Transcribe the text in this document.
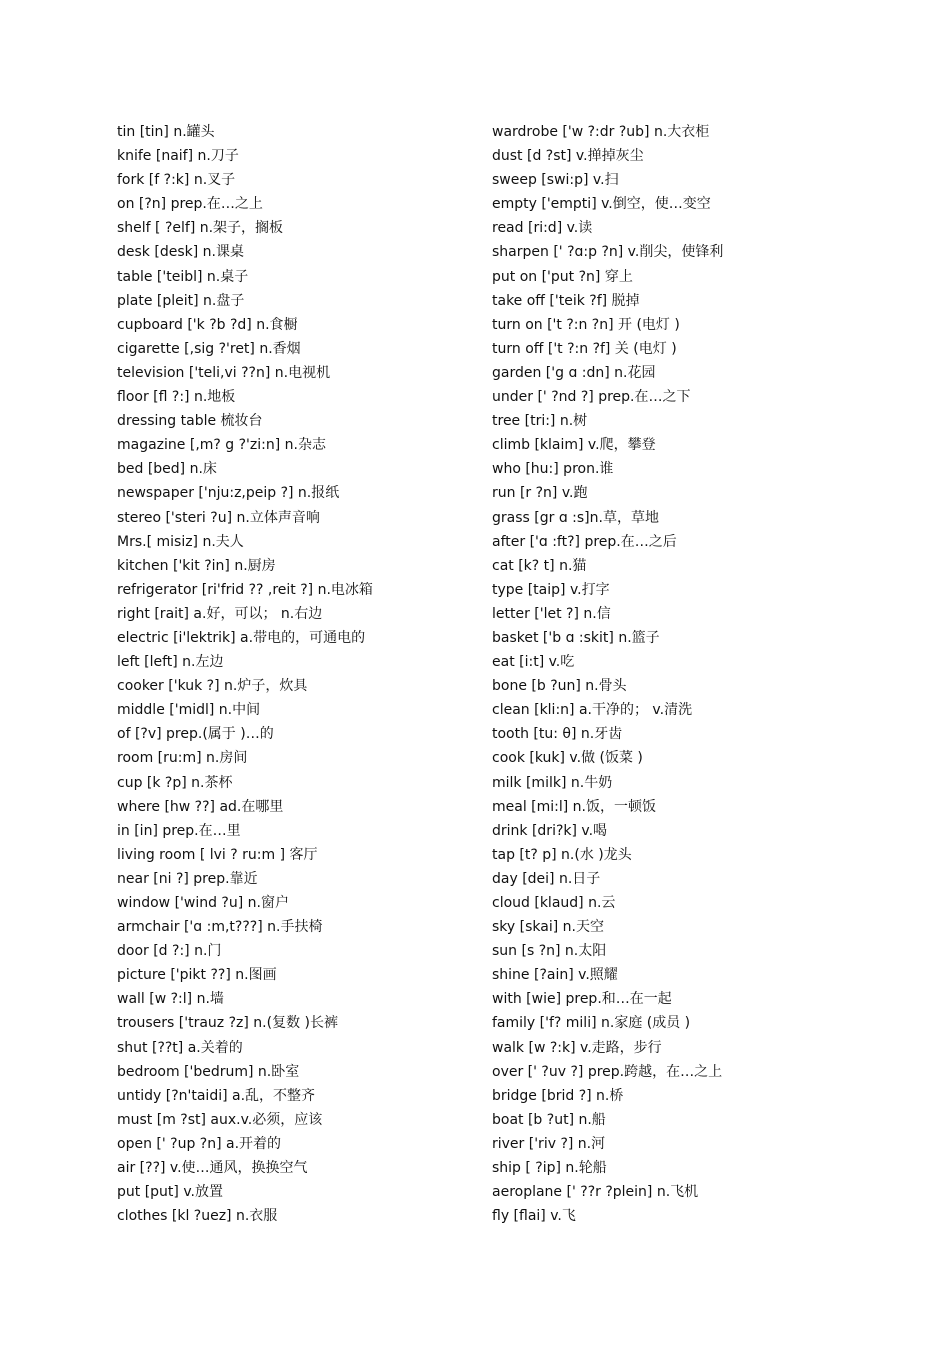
tin [tin] n.罐头
knife [naif] n.刀子
fork [f ?:k] n.叉子
on [?n] prep.在…之上
shelf [ ?elf] n.架子，搁板
desk [desk] n.课桌
table ['teibl] n.桌子
plate [pleit] n.盘子
cupboard ['k ?b ?d] n.食橱
cigarette [,sig ?'ret] n.香烟
television ['teli,vi ??n] n.电视机
floor [fl ?:] n.地板
dressing table 梳妆台
magazine [,m? g ?'zi:n] n.杂志
bed [bed] n.床
newspaper ['nju:z,peip ?] n.报纸
stereo ['steri ?u] n.立体声音响
Mrs.[ misiz] n.夫人
kitchen ['kit ?in] n.厨房
refrigerator [ri'frid ?? ,reit ?] n.电冰箱
right [rait] a.好，可以； n.右边
electric [i'lektrik] a.带电的，可通电的
left [left] n.左边
cooker ['kuk ?] n.炉子，炊具
middle ['midl] n.中间
of [?v] prep.(属于 )…的
room [ru:m] n.房间
cup [k ?p] n.茶杯
where [hw ??] ad.在哪里
in [in] prep.在…里
living room [ lvi ? ru:m ] 客厅
near [ni ?] prep.靠近
window ['wind ?u] n.窗户
armchair ['ɑ :m,t???] n.手扶椅
door [d ?:] n.门
picture ['pikt ??] n.图画
wall [w ?:l] n.墙
trousers ['trauz ?z] n.(复数 )长裤
shut [??t] a.关着的
bedroom ['bedrum] n.卧室
untidy [?n'taidi] a.乱，不整齐
must [m ?st] aux.v.必须，应该
open [' ?up ?n] a.开着的
air [??] v.使…通风，换换空气
put [put] v.放置
clothes [kl ?uez] n.衣服
wardrobe ['w ?:dr ?ub] n.大衣柜
dust [d ?st] v.掸掉灰尘
sweep [swi:p] v.扫
empty ['empti] v.倒空，使…变空
read [ri:d] v.读
sharpen [' ?ɑ:p ?n] v.削尖，使锋利
put on ['put ?n] 穿上
take off ['teik ?f] 脱掉
turn on ['t ?:n ?n] 开 (电灯 )
turn off ['t ?:n ?f] 关 (电灯 )
garden ['g ɑ :dn] n.花园
under [' ?nd ?] prep.在…之下
tree [tri:] n.树
climb [klaim] v.爬，攀登
who [hu:] pron.谁
run [r ?n] v.跑
grass [gr ɑ :s]n.草，草地
after ['ɑ :ft?] prep.在…之后
cat [k? t] n.猫
type [taip] v.打字
letter ['let ?] n.信
basket ['b ɑ :skit] n.篮子
eat [i:t] v.吃
bone [b ?un] n.骨头
clean [kli:n] a.干净的； v.清洗
tooth [tu: θ] n.牙齿
cook [kuk] v.做 (饭菜 )
milk [milk] n.牛奶
meal [mi:l] n.饭，一顿饭
drink [dri?k] v.喝
tap [t? p] n.(水 )龙头
day [dei] n.日子
cloud [klaud] n.云
sky [skai] n.天空
sun [s ?n] n.太阳
shine [?ain] v.照耀
with [wie] prep.和…在一起
family ['f? mili] n.家庭 (成员 )
walk [w ?:k] v.走路，步行
over [' ?uv ?] prep.跨越，在…之上
bridge [brid ?] n.桥
boat [b ?ut] n.船
river ['riv ?] n.河
ship [ ?ip] n.轮船
aeroplane [' ??r ?plein] n.飞机
fly [flai] v.飞
